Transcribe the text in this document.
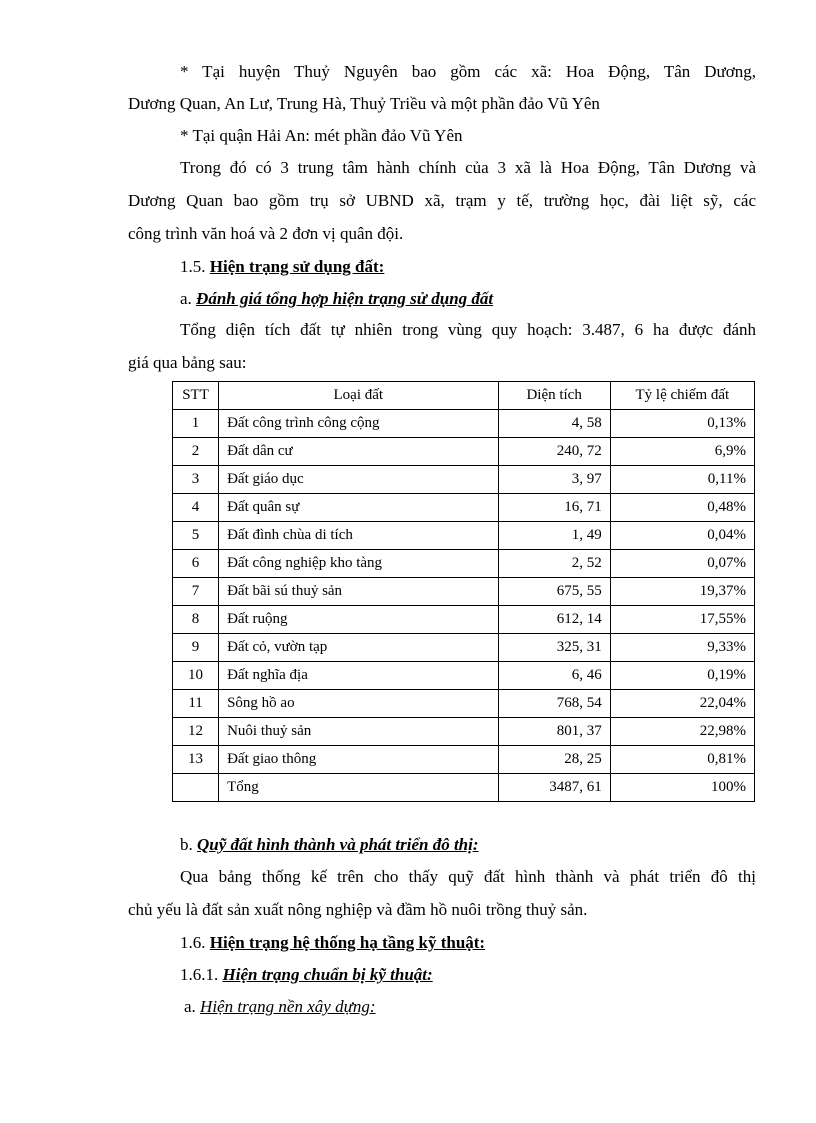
* Tại huyện Thuỷ Nguyên bao gồm các xã: Hoa Động, Tân Dương,
Dương Quan, An Lư, Trung Hà, Thuỷ Triều và một phần đảo Vũ Yên
* Tại quận Hải An: mét phần đảo Vũ Yên
Trong đó có 3 trung tâm hành chính của 3 xã là Hoa Động, Tân Dương và
Dương Quan bao gồm trụ sở UBND xã, trạm y tế, trường học, đài liệt sỹ, các
công trình văn hoá và 2 đơn vị quân đội.
1.5. Hiện trạng sử dụng đất:
a. Đánh giá tổng hợp hiện trạng sử dụng đất
Tổng diện tích đất tự nhiên trong vùng quy hoạch: 3.487, 6 ha được đánh
giá qua bảng sau:
STT	Loại đất	Diện tích	Tỷ lệ chiếm đất
1	Đất công trình công cộng	4, 58	0,13%
2	Đất dân cư	240, 72	6,9%
3	Đất giáo dục	3, 97	0,11%
4	Đất quân sự	16, 71	0,48%
5	Đất đình chùa di tích	1, 49	0,04%
6	Đất công nghiệp kho tàng	2, 52	0,07%
7	Đất bãi sú thuỷ sản	675, 55	19,37%
8	Đất ruộng	612, 14	17,55%
9	Đất cỏ, vườn tạp	325, 31	9,33%
10	Đất nghĩa địa	6, 46	0,19%
11	Sông hồ ao	768, 54	22,04%
12	Nuôi thuỷ sản	801, 37	22,98%
13	Đất giao thông	28, 25	0,81%
	Tổng	3487, 61	100%
b. Quỹ đất hình thành và phát triển đô thị:
Qua bảng thống kế trên cho thấy quỹ đất hình thành và phát triển đô thị
chủ yếu là đất sản xuất nông nghiệp và đầm hồ nuôi trồng thuỷ sản.
1.6. Hiện trạng hệ thống hạ tầng kỹ thuật:
1.6.1. Hiện trạng chuẩn bị kỹ thuật:
a. Hiện trạng nền xây dựng:
